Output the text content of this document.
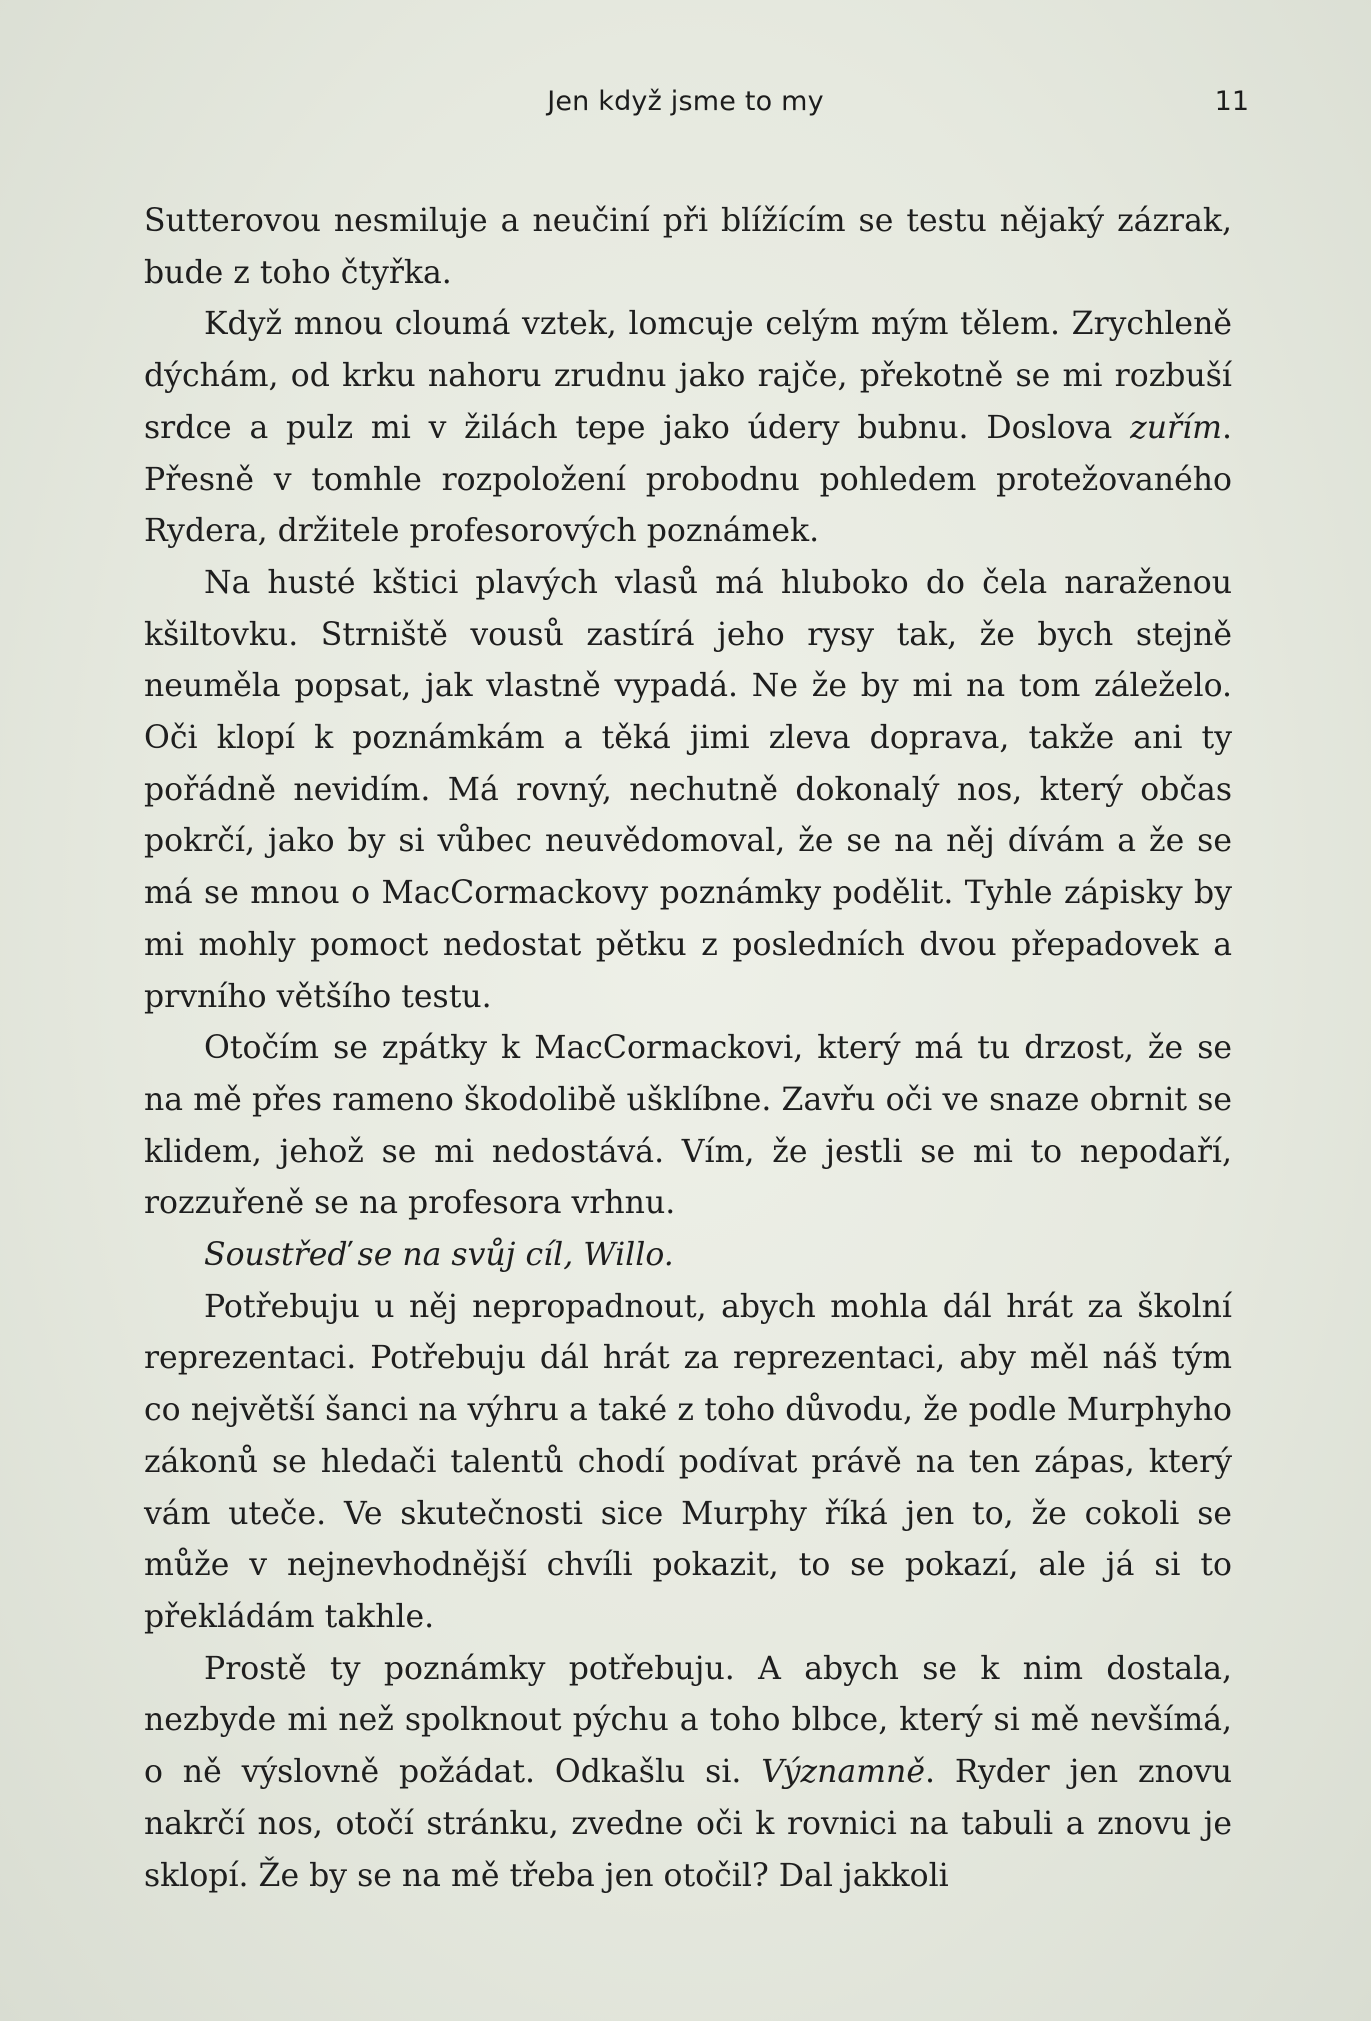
Jen když jsme to my	11

Sutterovou nesmiluje a neučiní při blížícím se testu nějaký zázrak, bude z toho čtyřka.

Když mnou cloumá vztek, lomcuje celým mým tělem. Zrychleně dýchám, od krku nahoru zrudnu jako rajče, překotně se mi rozbuší srdce a pulz mi v žilách tepe jako údery bubnu. Doslova zuřím. Přesně v tomhle rozpoložení probodnu pohledem protežovaného Rydera, držitele profesorových poznámek.

Na husté kštici plavých vlasů má hluboko do čela naraženou kšiltovku. Strniště vousů zastírá jeho rysy tak, že bych stejně neuměla popsat, jak vlastně vypadá. Ne že by mi na tom záleželo. Oči klopí k poznámkám a těká jimi zleva doprava, takže ani ty pořádně nevidím. Má rovný, nechutně dokonalý nos, který občas pokrčí, jako by si vůbec neuvědomoval, že se na něj dívám a že se má se mnou o MacCormackovy poznámky podělit. Tyhle zápisky by mi mohly pomoct nedostat pětku z posledních dvou přepadovek a prvního většího testu.

Otočím se zpátky k MacCormackovi, který má tu drzost, že se na mě přes rameno škodolibě ušklíbne. Zavřu oči ve snaze obrnit se klidem, jehož se mi nedostává. Vím, že jestli se mi to nepodaří, rozzuřeně se na profesora vrhnu.

Soustřeď se na svůj cíl, Willo.

Potřebuju u něj nepropadnout, abych mohla dál hrát za školní reprezentaci. Potřebuju dál hrát za reprezentaci, aby měl náš tým co největší šanci na výhru a také z toho důvodu, že podle Murphyho zákonů se hledači talentů chodí podívat právě na ten zápas, který vám uteče. Ve skutečnosti sice Murphy říká jen to, že cokoli se může v nejnevhodnější chvíli pokazit, to se pokazí, ale já si to překládám takhle.

Prostě ty poznámky potřebuju. A abych se k nim dostala, nezbyde mi než spolknout pýchu a toho blbce, který si mě nevšímá, o ně výslovně požádat. Odkašlu si. Významně. Ryder jen znovu nakrčí nos, otočí stránku, zvedne oči k rovnici na tabuli a znovu je sklopí. Že by se na mě třeba jen otočil? Dal jakkoli
